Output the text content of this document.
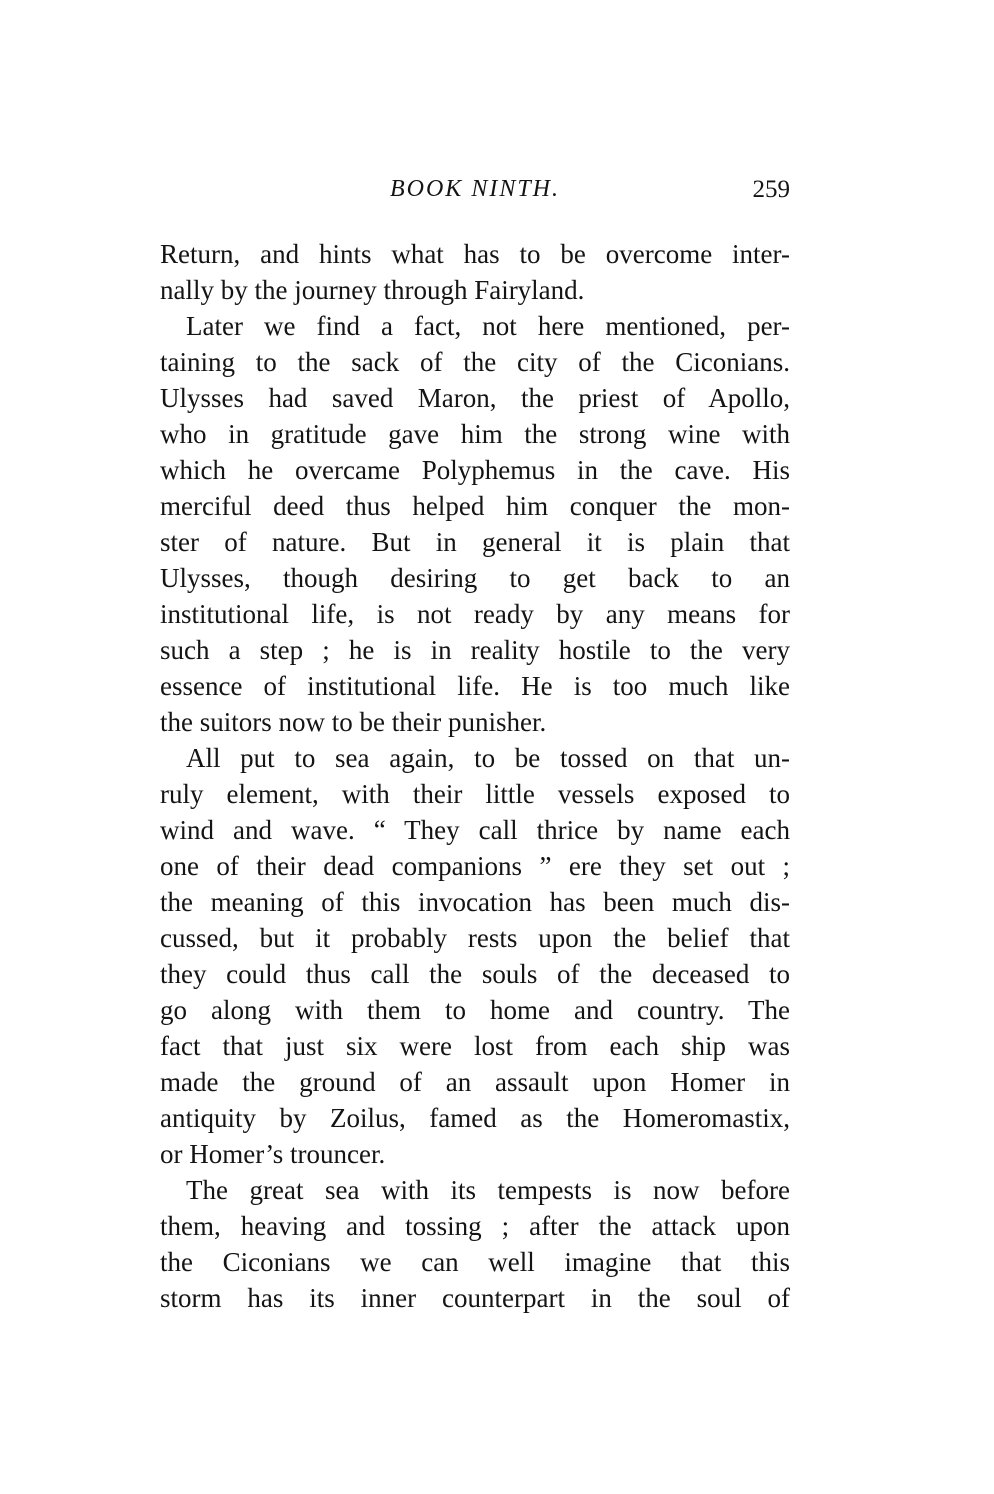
BOOK NINTH.	259
Return, and hints what has to be overcome inter-
nally by the journey through Fairyland.
Later we find a fact, not here mentioned, per-
taining to the sack of the city of the Ciconians.
Ulysses had saved Maron, the priest of Apollo,
who in gratitude gave him the strong wine with
which he overcame Polyphemus in the cave. His
merciful deed thus helped him conquer the mon-
ster of nature. But in general it is plain that
Ulysses, though desiring to get back to an
institutional life, is not ready by any means for
such a step ; he is in reality hostile to the very
essence of institutional life. He is too much like
the suitors now to be their punisher.
All put to sea again, to be tossed on that un-
ruly element, with their little vessels exposed to
wind and wave. “ They call thrice by name each
one of their dead companions ” ere they set out ;
the meaning of this invocation has been much dis-
cussed, but it probably rests upon the belief that
they could thus call the souls of the deceased to
go along with them to home and country. The
fact that just six were lost from each ship was
made the ground of an assault upon Homer in
antiquity by Zoilus, famed as the Homeromastix,
or Homer’s trouncer.
The great sea with its tempests is now before
them, heaving and tossing ; after the attack upon
the Ciconians we can well imagine that this
storm has its inner counterpart in the soul of
